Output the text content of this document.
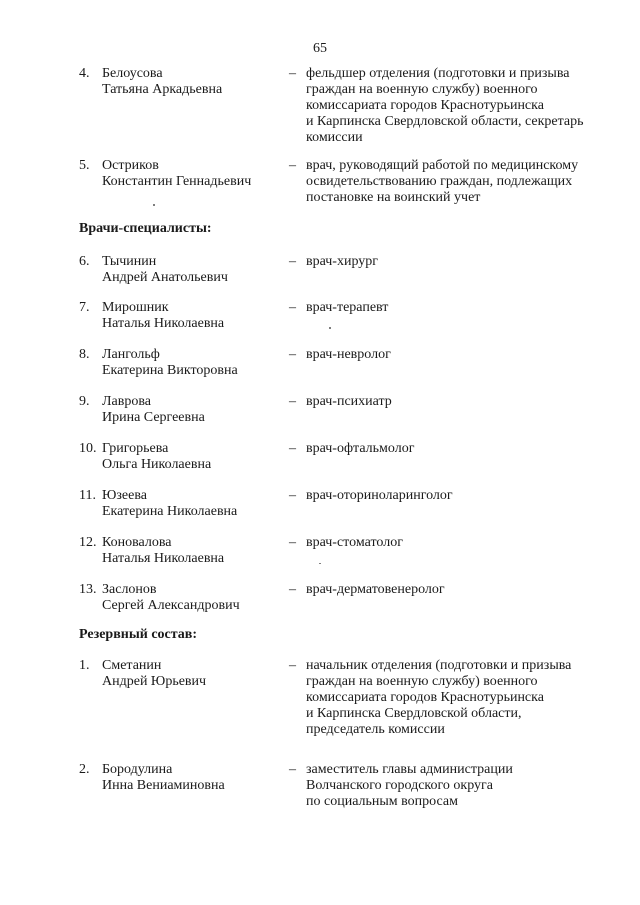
65
4. Белоусова
Татьяна Аркадьевна
– фельдшер отделения (подготовки и призыва
граждан на военную службу) военного
комиссариата городов Краснотурьинска
и Карпинска Свердловской области, секретарь
комиссии
5. Остриков
Константин Геннадьевич
– врач, руководящий работой по медицинскому
освидетельствованию граждан, подлежащих
постановке на воинский учет
Врачи-специалисты:
6. Тычинин
Андрей Анатольевич
– врач-хирург
7. Мирошник
Наталья Николаевна
– врач-терапевт
8. Лангольф
Екатерина Викторовна
– врач-невролог
9. Лаврова
Ирина Сергеевна
– врач-психиатр
10. Григорьева
Ольга Николаевна
– врач-офтальмолог
11. Юзеева
Екатерина Николаевна
– врач-оториноларинголог
12. Коновалова
Наталья Николаевна
– врач-стоматолог
13. Заслонов
Сергей Александрович
– врач-дерматовенеролог
Резервный состав:
1. Сметанин
Андрей Юрьевич
– начальник отделения (подготовки и призыва
граждан на военную службу) военного
комиссариата городов Краснотурьинска
и Карпинска Свердловской области,
председатель комиссии
2. Бородулина
Инна Вениаминовна
– заместитель главы администрации
Волчанского городского округа
по социальным вопросам
